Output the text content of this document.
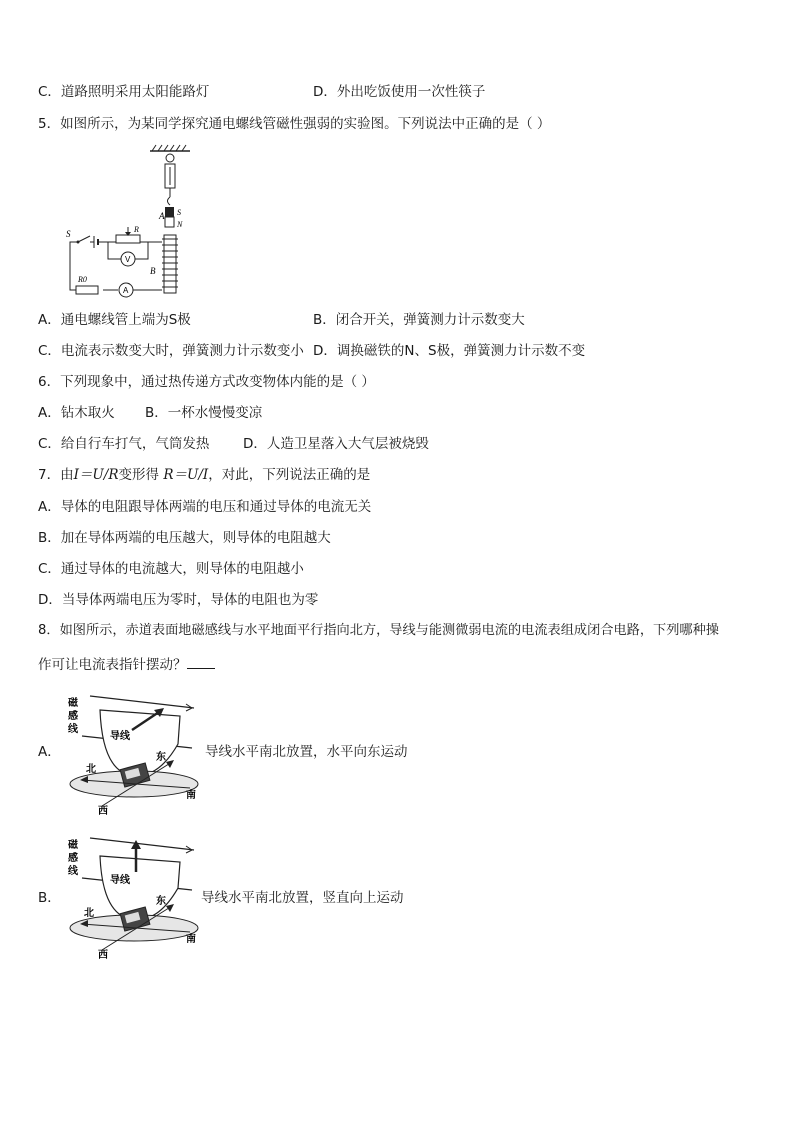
C．道路照明采用太阳能路灯	D．外出吃饭使用一次性筷子
5．如图所示，为某同学探究通电螺线管磁性强弱的实验图。下列说法中正确的是（ ）
A S
N
B
S	R
V
R0
A
A．通电螺线管上端为S极	B．闭合开关，弹簧测力计示数变大
C．电流表示数变大时，弹簧测力计示数变小 D．调换磁铁的N、S极，弹簧测力计示数不变
6．下列现象中，通过热传递方式改变物体内能的是（ ）
A．钻木取火 B．一杯水慢慢变凉
C．给自行车打气，气筒发热 D．人造卫星落入大气层被烧毁
7．由I＝U/R变形得 R＝U/I，对此，下列说法正确的是
A．导体的电阻跟导体两端的电压和通过导体的电流无关
B．加在导体两端的电压越大，则导体的电阻越大
C．通过导体的电流越大，则导体的电阻越小
D．当导体两端电压为零时，导体的电阻也为零
8．如图所示，赤道表面地磁感线与水平地面平行指向北方，导线与能测微弱电流的电流表组成闭合电路，下列哪种操
作可让电流表指针摆动？
A．
磁
感
线
导线
东
北
西
南
导线水平南北放置，水平向东运动
B．
磁
感
线
导线
东
北
西
南
导线水平南北放置，竖直向上运动
